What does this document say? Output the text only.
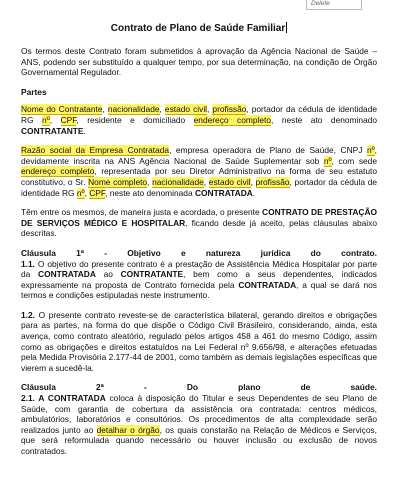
Delete
Contrato de Plano de Saúde Familiar

Os termos deste Contrato foram submetidos à aprovação da Agência Nacional de Saúde – ANS, podendo ser substituído a qualquer tempo, por sua determinação, na condição de Órgão Governamental Regulador.

Partes

Nome do Contratante, nacionalidade, estado civil, profissão, portador da cédula de identidade RG nº, CPF, residente e domiciliado endereço completo, neste ato denominado CONTRATANTE.

Razão social da Empresa Contratada, empresa operadora de Plano de Saúde, CNPJ nº, devidamente inscrita na ANS Agência Nacional de Saúde Suplementar sob nº, com sede endereço completo, representada por seu Diretor Administrativo na forma de seu estatuto constitutivo, o Sr. Nome completo, nacionalidade, estado civil, profissão, portador da cédula de identidade RG nº, CPF, neste ato denominada CONTRATADA.

Têm entre os mesmos, de maneira justa e acordada, o presente CONTRATO DE PRESTAÇÃO DE SERVIÇOS MÉDICO E HOSPITALAR, ficando desde já aceito, pelas cláusulas abaixo descritas.

Cláusula 1ª - Objetivo e natureza jurídica do contrato.

1.1. O objetivo do presente contrato é a prestação de Assistência Médica Hospitalar por parte da CONTRATADA ao CONTRATANTE, bem como a seus dependentes, indicados expressamente na proposta de Contrato fornecida pela CONTRATADA, a qual se dará nos termos e condições estipuladas neste instrumento.

1.2. O presente contrato reveste-se de característica bilateral, gerando direitos e obrigações para as partes, na forma do que dispõe o Código Civil Brasileiro, considerando, ainda, esta avença, como contrato aleatório, regulado pelos artigos 458 a 461 do mesmo Código, assim como as obrigações e direitos estatuídos na Lei Federal nº 9.656/98, e alterações efetuadas pela Medida Provisória 2.177-44 de 2001, como também as demais legislações específicas que vierem a sucedê-la.

Cláusula 2ª - Do plano de saúde.

2.1. A CONTRATADA coloca à disposição do Titular e seus Dependentes de seu Plano de Saúde, com garantia de cobertura da assistência ora contratada: centros médicos, ambulatórios, laboratórios e consultórios. Os procedimentos de alta complexidade serão realizados junto ao detalhar o órgão, os quais constarão na Relação de Médicos e Serviços, que será reformulada quando necessário ou houver inclusão ou exclusão de novos contratados.
